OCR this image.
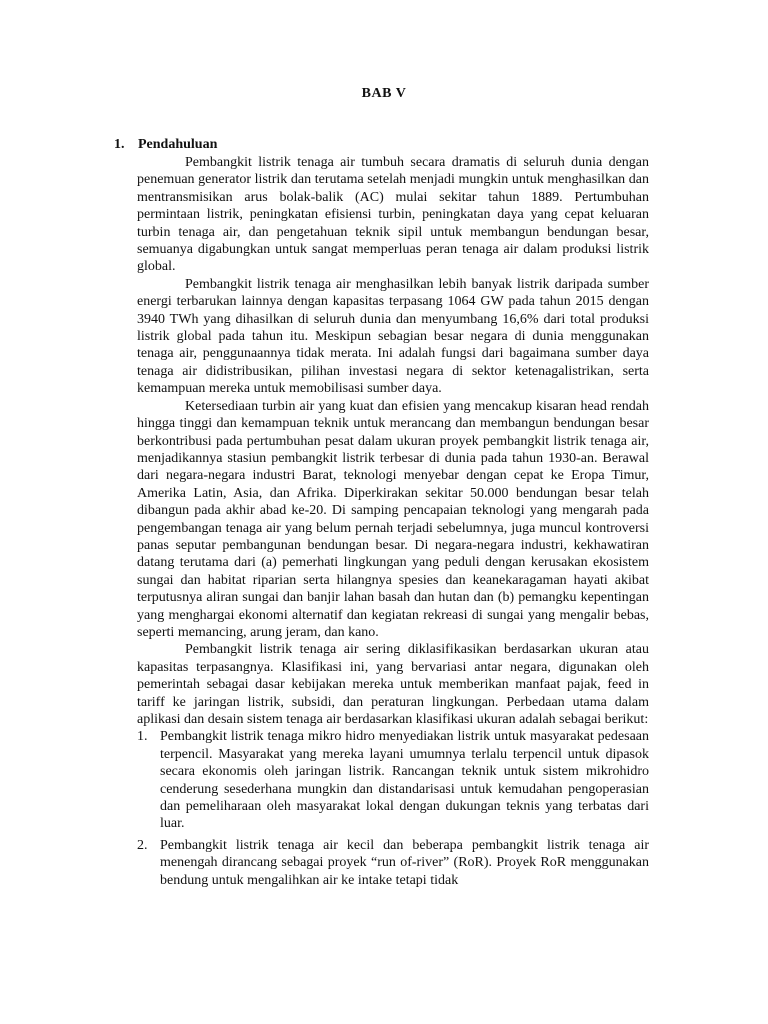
BAB V
1. Pendahuluan

Pembangkit listrik tenaga air tumbuh secara dramatis di seluruh dunia dengan penemuan generator listrik dan terutama setelah menjadi mungkin untuk menghasilkan dan mentransmisikan arus bolak-balik (AC) mulai sekitar tahun 1889. Pertumbuhan permintaan listrik, peningkatan efisiensi turbin, peningkatan daya yang cepat keluaran turbin tenaga air, dan pengetahuan teknik sipil untuk membangun bendungan besar, semuanya digabungkan untuk sangat memperluas peran tenaga air dalam produksi listrik global.

Pembangkit listrik tenaga air menghasilkan lebih banyak listrik daripada sumber energi terbarukan lainnya dengan kapasitas terpasang 1064 GW pada tahun 2015 dengan 3940 TWh yang dihasilkan di seluruh dunia dan menyumbang 16,6% dari total produksi listrik global pada tahun itu. Meskipun sebagian besar negara di dunia menggunakan tenaga air, penggunaannya tidak merata. Ini adalah fungsi dari bagaimana sumber daya tenaga air didistribusikan, pilihan investasi negara di sektor ketenagalistrikan, serta kemampuan mereka untuk memobilisasi sumber daya.

Ketersediaan turbin air yang kuat dan efisien yang mencakup kisaran head rendah hingga tinggi dan kemampuan teknik untuk merancang dan membangun bendungan besar berkontribusi pada pertumbuhan pesat dalam ukuran proyek pembangkit listrik tenaga air, menjadikannya stasiun pembangkit listrik terbesar di dunia pada tahun 1930-an. Berawal dari negara-negara industri Barat, teknologi menyebar dengan cepat ke Eropa Timur, Amerika Latin, Asia, dan Afrika. Diperkirakan sekitar 50.000 bendungan besar telah dibangun pada akhir abad ke-20. Di samping pencapaian teknologi yang mengarah pada pengembangan tenaga air yang belum pernah terjadi sebelumnya, juga muncul kontroversi panas seputar pembangunan bendungan besar. Di negara-negara industri, kekhawatiran datang terutama dari (a) pemerhati lingkungan yang peduli dengan kerusakan ekosistem sungai dan habitat riparian serta hilangnya spesies dan keanekaragaman hayati akibat terputusnya aliran sungai dan banjir lahan basah dan hutan dan (b) pemangku kepentingan yang menghargai ekonomi alternatif dan kegiatan rekreasi di sungai yang mengalir bebas, seperti memancing, arung jeram, dan kano.

Pembangkit listrik tenaga air sering diklasifikasikan berdasarkan ukuran atau kapasitas terpasangnya. Klasifikasi ini, yang bervariasi antar negara, digunakan oleh pemerintah sebagai dasar kebijakan mereka untuk memberikan manfaat pajak, feed in tariff ke jaringan listrik, subsidi, dan peraturan lingkungan. Perbedaan utama dalam aplikasi dan desain sistem tenaga air berdasarkan klasifikasi ukuran adalah sebagai berikut:

1. Pembangkit listrik tenaga mikro hidro menyediakan listrik untuk masyarakat pedesaan terpencil. Masyarakat yang mereka layani umumnya terlalu terpencil untuk dipasok secara ekonomis oleh jaringan listrik. Rancangan teknik untuk sistem mikrohidro cenderung sesederhana mungkin dan distandarisasi untuk kemudahan pengoperasian dan pemeliharaan oleh masyarakat lokal dengan dukungan teknis yang terbatas dari luar.
2. Pembangkit listrik tenaga air kecil dan beberapa pembangkit listrik tenaga air menengah dirancang sebagai proyek “run of-river” (RoR). Proyek RoR menggunakan bendung untuk mengalihkan air ke intake tetapi tidak
